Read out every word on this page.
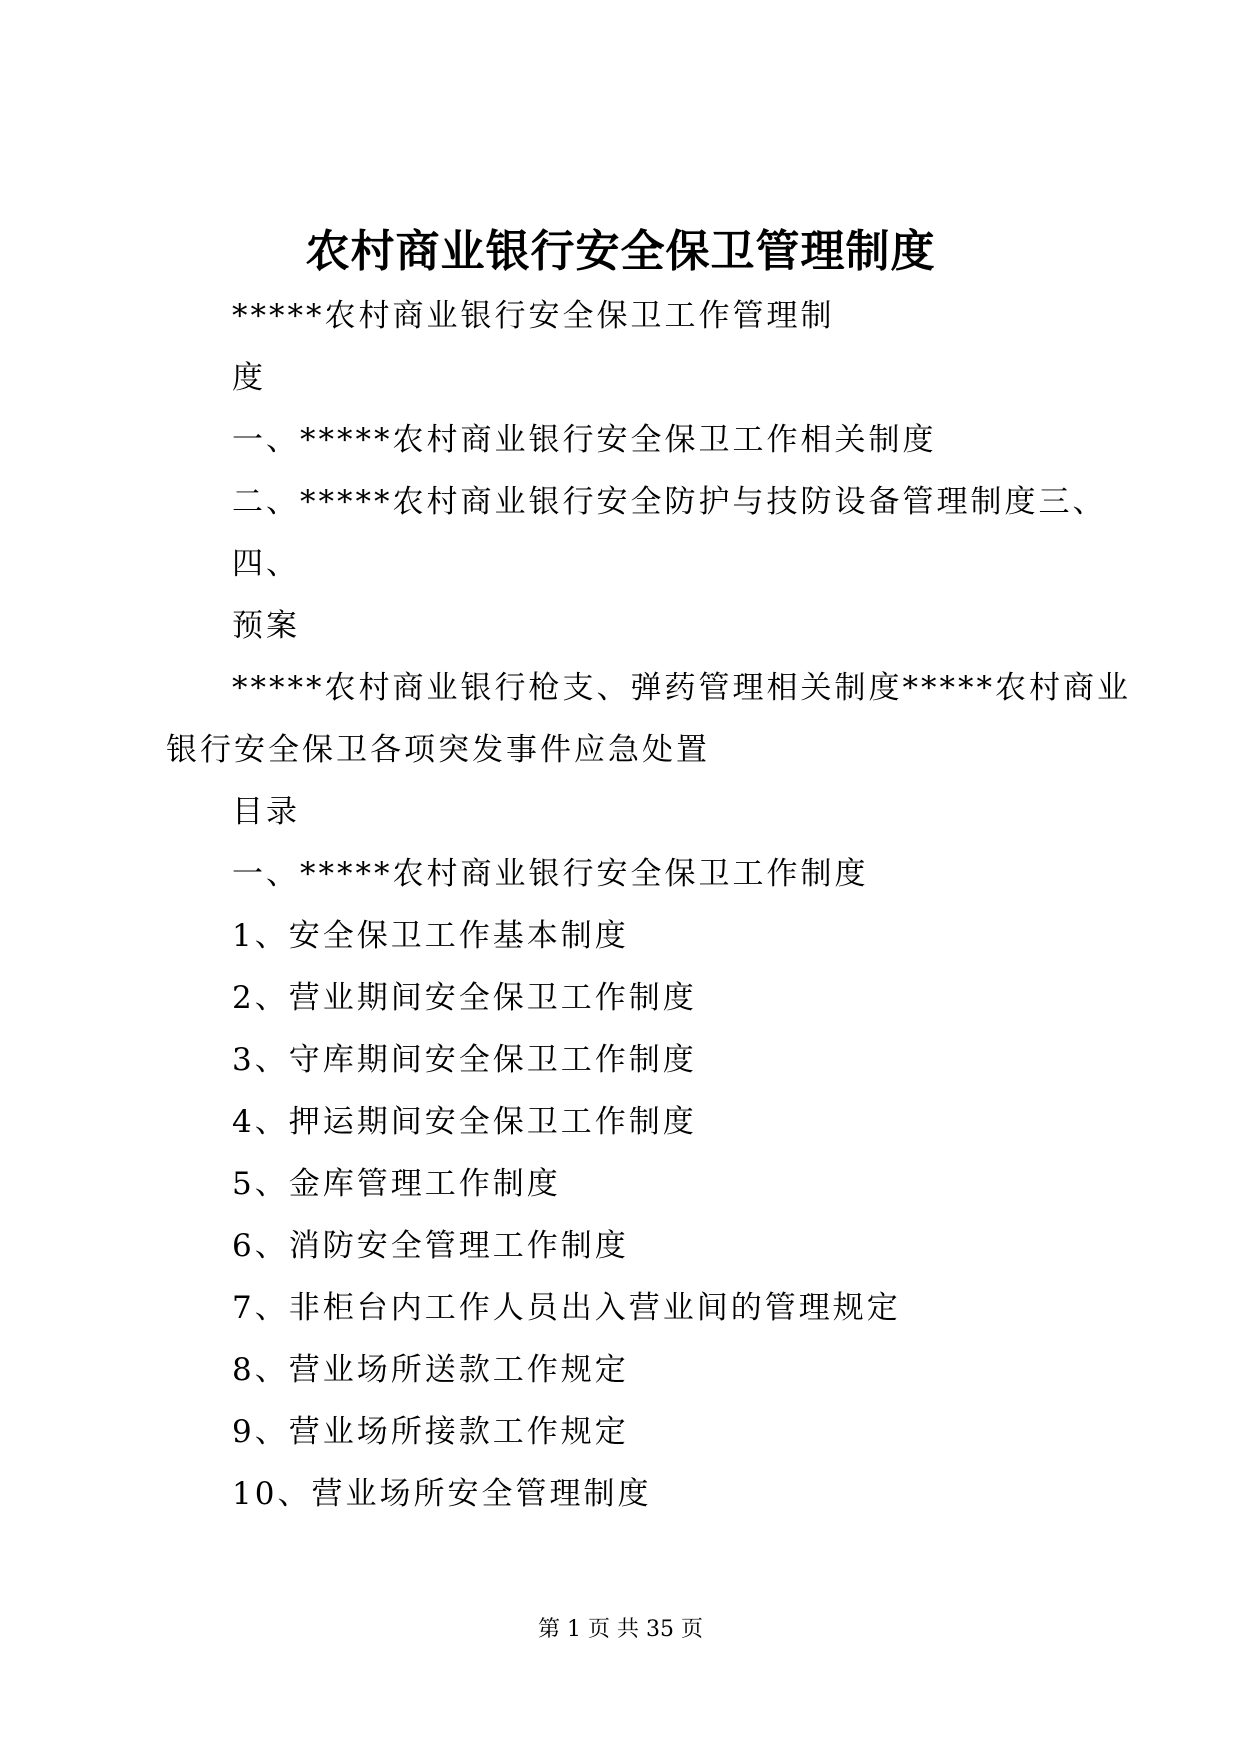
农村商业银行安全保卫管理制度
*****农村商业银行安全保卫工作管理制
度
一、*****农村商业银行安全保卫工作相关制度
二、*****农村商业银行安全防护与技防设备管理制度三、
四、
预案
*****农村商业银行枪支、弹药管理相关制度*****农村商业
银行安全保卫各项突发事件应急处置
目录
一、*****农村商业银行安全保卫工作制度
1、安全保卫工作基本制度
2、营业期间安全保卫工作制度
3、守库期间安全保卫工作制度
4、押运期间安全保卫工作制度
5、金库管理工作制度
6、消防安全管理工作制度
7、非柜台内工作人员出入营业间的管理规定
8、营业场所送款工作规定
9、营业场所接款工作规定
10、营业场所安全管理制度
第 1 页 共 35 页
